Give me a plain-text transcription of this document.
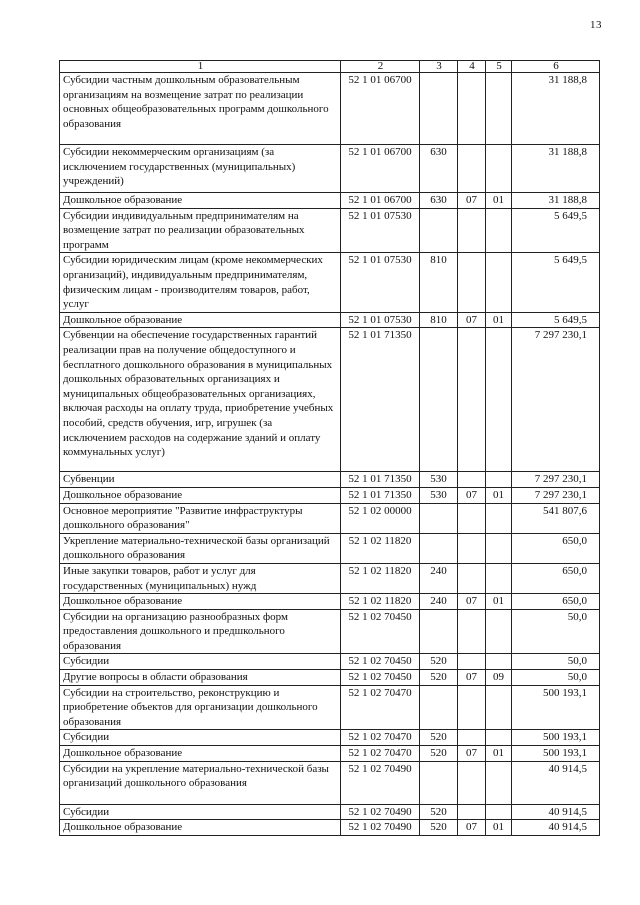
13
1	2	3	4	5	6
Субсидии частным дошкольным образовательным организациям на возмещение затрат по реализации основных общеобразовательных программ дошкольного образования	52 1 01 06700				31 188,8
Субсидии некоммерческим организациям (за исключением государственных (муниципальных) учреждений)	52 1 01 06700	630			31 188,8
Дошкольное образование	52 1 01 06700	630	07	01	31 188,8
Субсидии индивидуальным предпринимателям на возмещение затрат по реализации образовательных программ	52 1 01 07530				5 649,5
Субсидии юридическим лицам (кроме некоммерческих организаций), индивидуальным предпринимателям, физическим лицам - производителям товаров, работ, услуг	52 1 01 07530	810			5 649,5
Дошкольное образование	52 1 01 07530	810	07	01	5 649,5
Субвенции на обеспечение государственных гарантий реализации прав на получение общедоступного и бесплатного дошкольного образования в муниципальных дошкольных образовательных организациях и муниципальных общеобразовательных организациях, включая расходы на оплату труда, приобретение учебных пособий, средств обучения, игр, игрушек (за исключением расходов на содержание зданий и оплату коммунальных услуг)	52 1 01 71350				7 297 230,1
Субвенции	52 1 01 71350	530			7 297 230,1
Дошкольное образование	52 1 01 71350	530	07	01	7 297 230,1
Основное мероприятие "Развитие инфраструктуры дошкольного образования"	52 1 02 00000				541 807,6
Укрепление материально-технической базы организаций дошкольного образования	52 1 02 11820				650,0
Иные закупки товаров, работ и услуг для государственных (муниципальных) нужд	52 1 02 11820	240			650,0
Дошкольное образование	52 1 02 11820	240	07	01	650,0
Субсидии на организацию разнообразных форм предоставления дошкольного и предшкольного образования	52 1 02 70450				50,0
Субсидии	52 1 02 70450	520			50,0
Другие вопросы в области образования	52 1 02 70450	520	07	09	50,0
Субсидии на строительство, реконструкцию и приобретение объектов для организации дошкольного образования	52 1 02 70470				500 193,1
Субсидии	52 1 02 70470	520			500 193,1
Дошкольное образование	52 1 02 70470	520	07	01	500 193,1
Субсидии на укрепление материально-технической базы организаций дошкольного образования	52 1 02 70490				40 914,5
Субсидии	52 1 02 70490	520			40 914,5
Дошкольное образование	52 1 02 70490	520	07	01	40 914,5
